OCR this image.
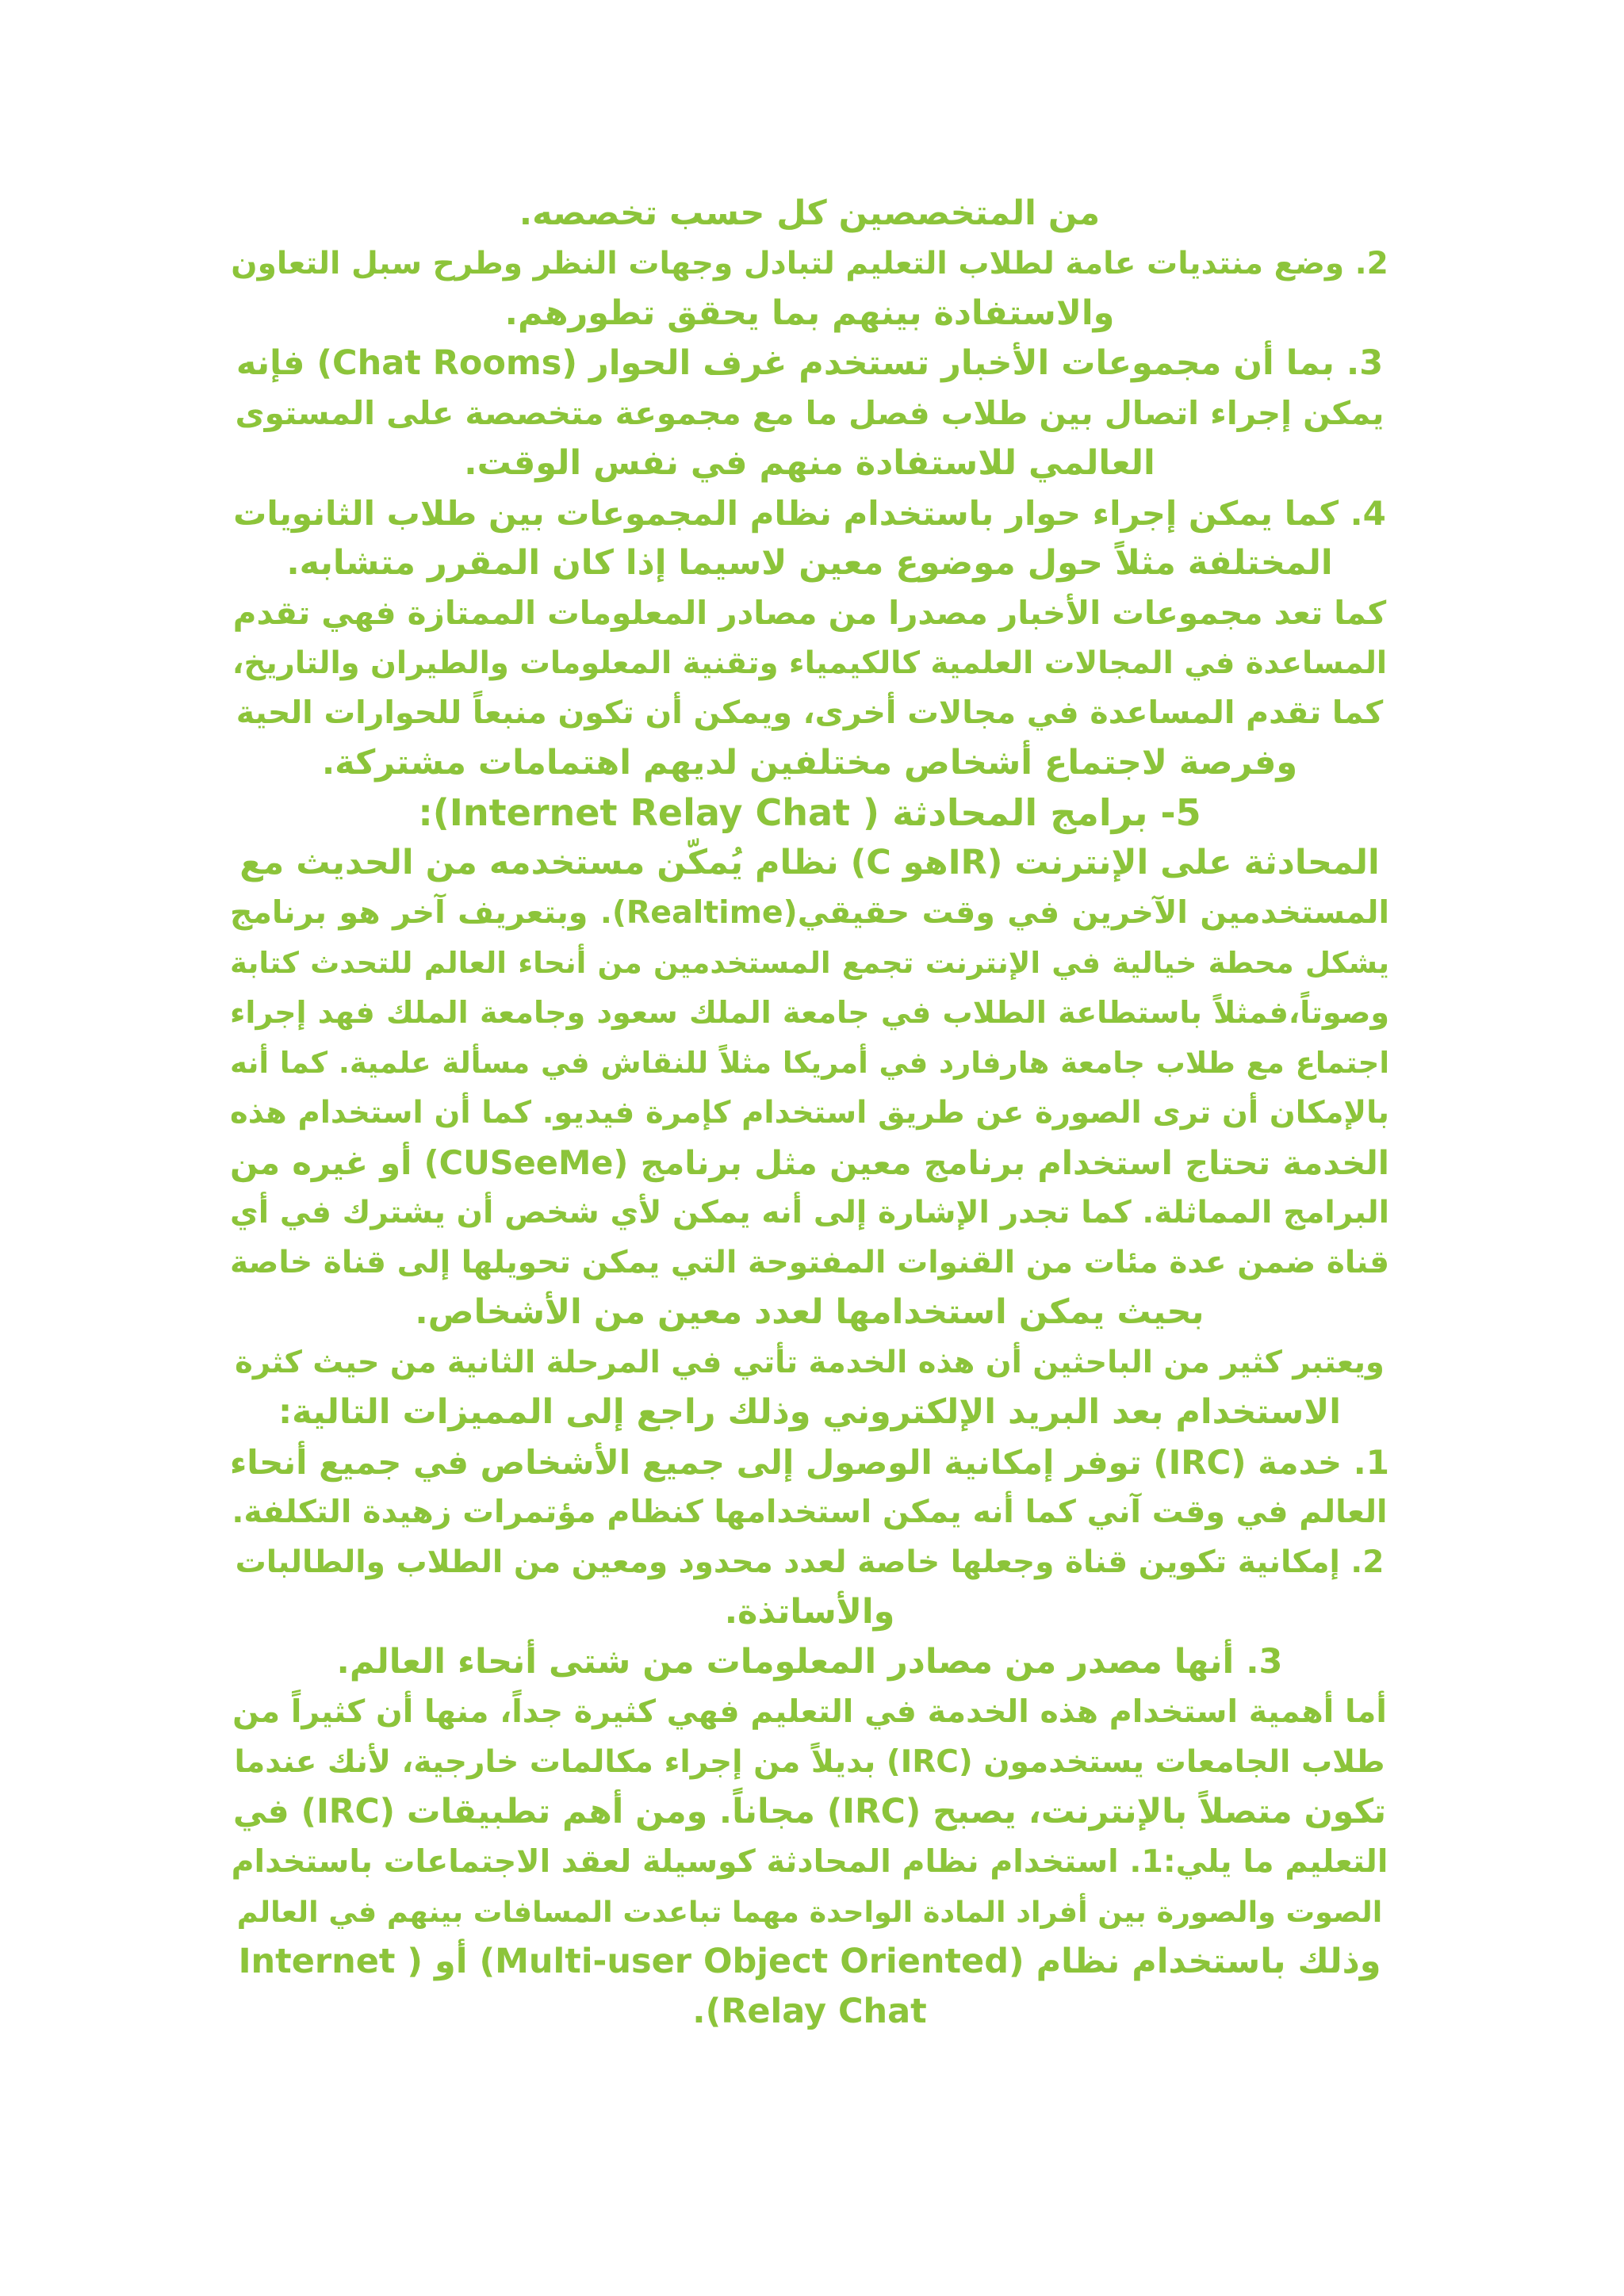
من المتخصصين كل حسب تخصصه.
2. وضع منتديات عامة لطلاب التعليم لتبادل وجهات النظر وطرح سبل التعاون
والاستفادة بينهم بما يحقق تطورهم.
3. بما أن مجموعات الأخبار تستخدم غرف الحوار (Chat Rooms) فإنه
يمكن إجراء اتصال بين طلاب فصل ما مع مجموعة متخصصة على المستوى
العالمي للاستفادة منهم في نفس الوقت.
4. كما يمكن إجراء حوار باستخدام نظام المجموعات بين طلاب الثانويات
المختلفة مثلاً حول موضوع معين لاسيما إذا كان المقرر متشابه.
كما تعد مجموعات الأخبار مصدرا من مصادر المعلومات الممتازة فهي تقدم
المساعدة في المجالات العلمية كالكيمياء وتقنية المعلومات والطيران والتاريخ،
كما تقدم المساعدة في مجالات أخرى، ويمكن أن تكون منبعاً للحوارات الحية
وفرصة لاجتماع أشخاص مختلفين لديهم اهتمامات مشتركة.
5- برامج المحادثة ( Internet Relay Chat):
المحادثة على الإنترنت (IRهو C) نظام يُمكّن مستخدمه من الحديث مع
المستخدمين الآخرين في وقت حقيقي(Realtime). وبتعريف آخر هو برنامج
يشكل محطة خيالية في الإنترنت تجمع المستخدمين من أنحاء العالم للتحدث كتابة
وصوتاً،فمثلاً باستطاعة الطلاب في جامعة الملك سعود وجامعة الملك فهد إجراء
اجتماع مع طلاب جامعة هارفارد في أمريكا مثلاً للنقاش في مسألة علمية. كما أنه
بالإمكان أن ترى الصورة عن طريق استخدام كإمرة فيديو. كما أن استخدام هذه
الخدمة تحتاج استخدام برنامج معين مثل برنامج (CUSeeMe) أو غيره من
البرامج المماثلة. كما تجدر الإشارة إلى أنه يمكن لأي شخص أن يشترك في أي
قناة ضمن عدة مئات من القنوات المفتوحة التي يمكن تحويلها إلى قناة خاصة
بحيث يمكن استخدامها لعدد معين من الأشخاص.
ويعتبر كثير من الباحثين أن هذه الخدمة تأتي في المرحلة الثانية من حيث كثرة
الاستخدام بعد البريد الإلكتروني وذلك راجع إلى المميزات التالية:
1. خدمة (IRC) توفر إمكانية الوصول إلى جميع الأشخاص في جميع أنحاء
العالم في وقت آني كما أنه يمكن استخدامها كنظام مؤتمرات زهيدة التكلفة.
2. إمكانية تكوين قناة وجعلها خاصة لعدد محدود ومعين من الطلاب والطالبات
والأساتذة.
3. أنها مصدر من مصادر المعلومات من شتى أنحاء العالم.
أما أهمية استخدام هذه الخدمة في التعليم فهي كثيرة جداً، منها أن كثيراً من
طلاب الجامعات يستخدمون (IRC) بديلاً من إجراء مكالمات خارجية، لأنك عندما
تكون متصلاً بالإنترنت، يصبح (IRC) مجاناً. ومن أهم تطبيقات (IRC) في
التعليم ما يلي:1. استخدام نظام المحادثة كوسيلة لعقد الاجتماعات باستخدام
الصوت والصورة بين أفراد المادة الواحدة مهما تباعدت المسافات بينهم في العالم
وذلك باستخدام نظام (Multi-user Object Oriented) أو ( Internet
Relay Chat).
